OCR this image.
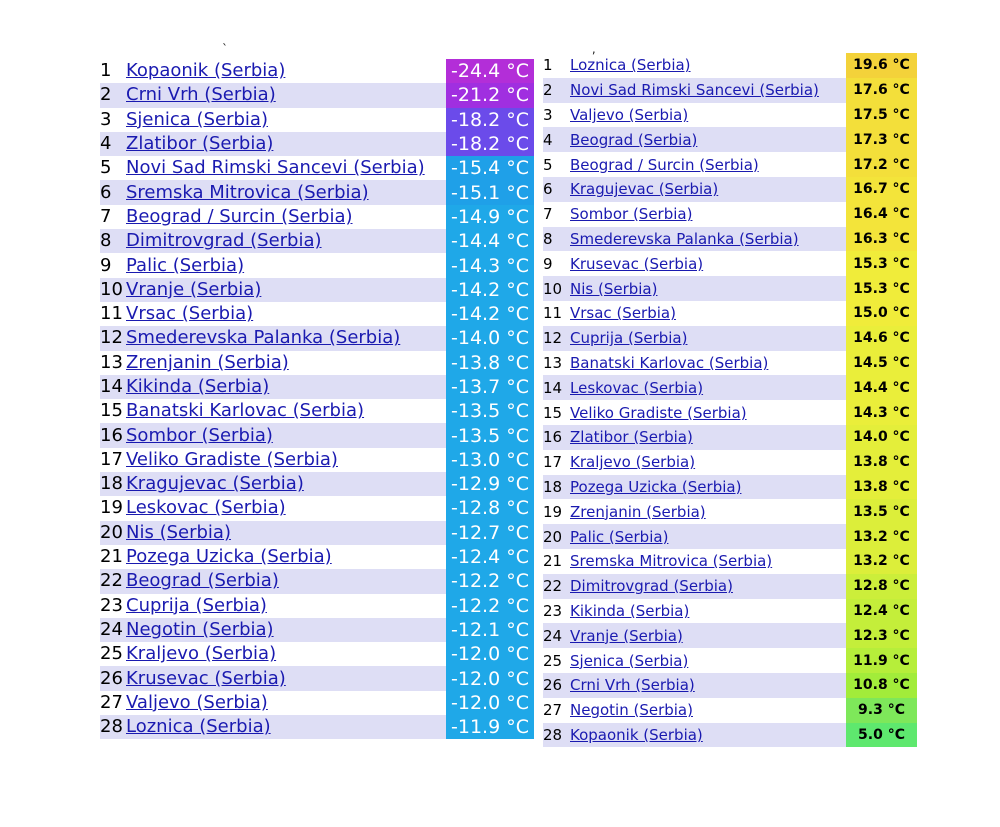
` ,
1	Kopaonik (Serbia)	-24.4 °C
2	Crni Vrh (Serbia)	-21.2 °C
3	Sjenica (Serbia)	-18.2 °C
4	Zlatibor (Serbia)	-18.2 °C
5	Novi Sad Rimski Sancevi (Serbia)	-15.4 °C
6	Sremska Mitrovica (Serbia)	-15.1 °C
7	Beograd / Surcin (Serbia)	-14.9 °C
8	Dimitrovgrad (Serbia)	-14.4 °C
9	Palic (Serbia)	-14.3 °C
10	Vranje (Serbia)	-14.2 °C
11	Vrsac (Serbia)	-14.2 °C
12	Smederevska Palanka (Serbia)	-14.0 °C
13	Zrenjanin (Serbia)	-13.8 °C
14	Kikinda (Serbia)	-13.7 °C
15	Banatski Karlovac (Serbia)	-13.5 °C
16	Sombor (Serbia)	-13.5 °C
17	Veliko Gradiste (Serbia)	-13.0 °C
18	Kragujevac (Serbia)	-12.9 °C
19	Leskovac (Serbia)	-12.8 °C
20	Nis (Serbia)	-12.7 °C
21	Pozega Uzicka (Serbia)	-12.4 °C
22	Beograd (Serbia)	-12.2 °C
23	Cuprija (Serbia)	-12.2 °C
24	Negotin (Serbia)	-12.1 °C
25	Kraljevo (Serbia)	-12.0 °C
26	Krusevac (Serbia)	-12.0 °C
27	Valjevo (Serbia)	-12.0 °C
28	Loznica (Serbia)	-11.9 °C
1	Loznica (Serbia)	19.6 °C
2	Novi Sad Rimski Sancevi (Serbia)	17.6 °C
3	Valjevo (Serbia)	17.5 °C
4	Beograd (Serbia)	17.3 °C
5	Beograd / Surcin (Serbia)	17.2 °C
6	Kragujevac (Serbia)	16.7 °C
7	Sombor (Serbia)	16.4 °C
8	Smederevska Palanka (Serbia)	16.3 °C
9	Krusevac (Serbia)	15.3 °C
10	Nis (Serbia)	15.3 °C
11	Vrsac (Serbia)	15.0 °C
12	Cuprija (Serbia)	14.6 °C
13	Banatski Karlovac (Serbia)	14.5 °C
14	Leskovac (Serbia)	14.4 °C
15	Veliko Gradiste (Serbia)	14.3 °C
16	Zlatibor (Serbia)	14.0 °C
17	Kraljevo (Serbia)	13.8 °C
18	Pozega Uzicka (Serbia)	13.8 °C
19	Zrenjanin (Serbia)	13.5 °C
20	Palic (Serbia)	13.2 °C
21	Sremska Mitrovica (Serbia)	13.2 °C
22	Dimitrovgrad (Serbia)	12.8 °C
23	Kikinda (Serbia)	12.4 °C
24	Vranje (Serbia)	12.3 °C
25	Sjenica (Serbia)	11.9 °C
26	Crni Vrh (Serbia)	10.8 °C
27	Negotin (Serbia)	9.3 °C
28	Kopaonik (Serbia)	5.0 °C
